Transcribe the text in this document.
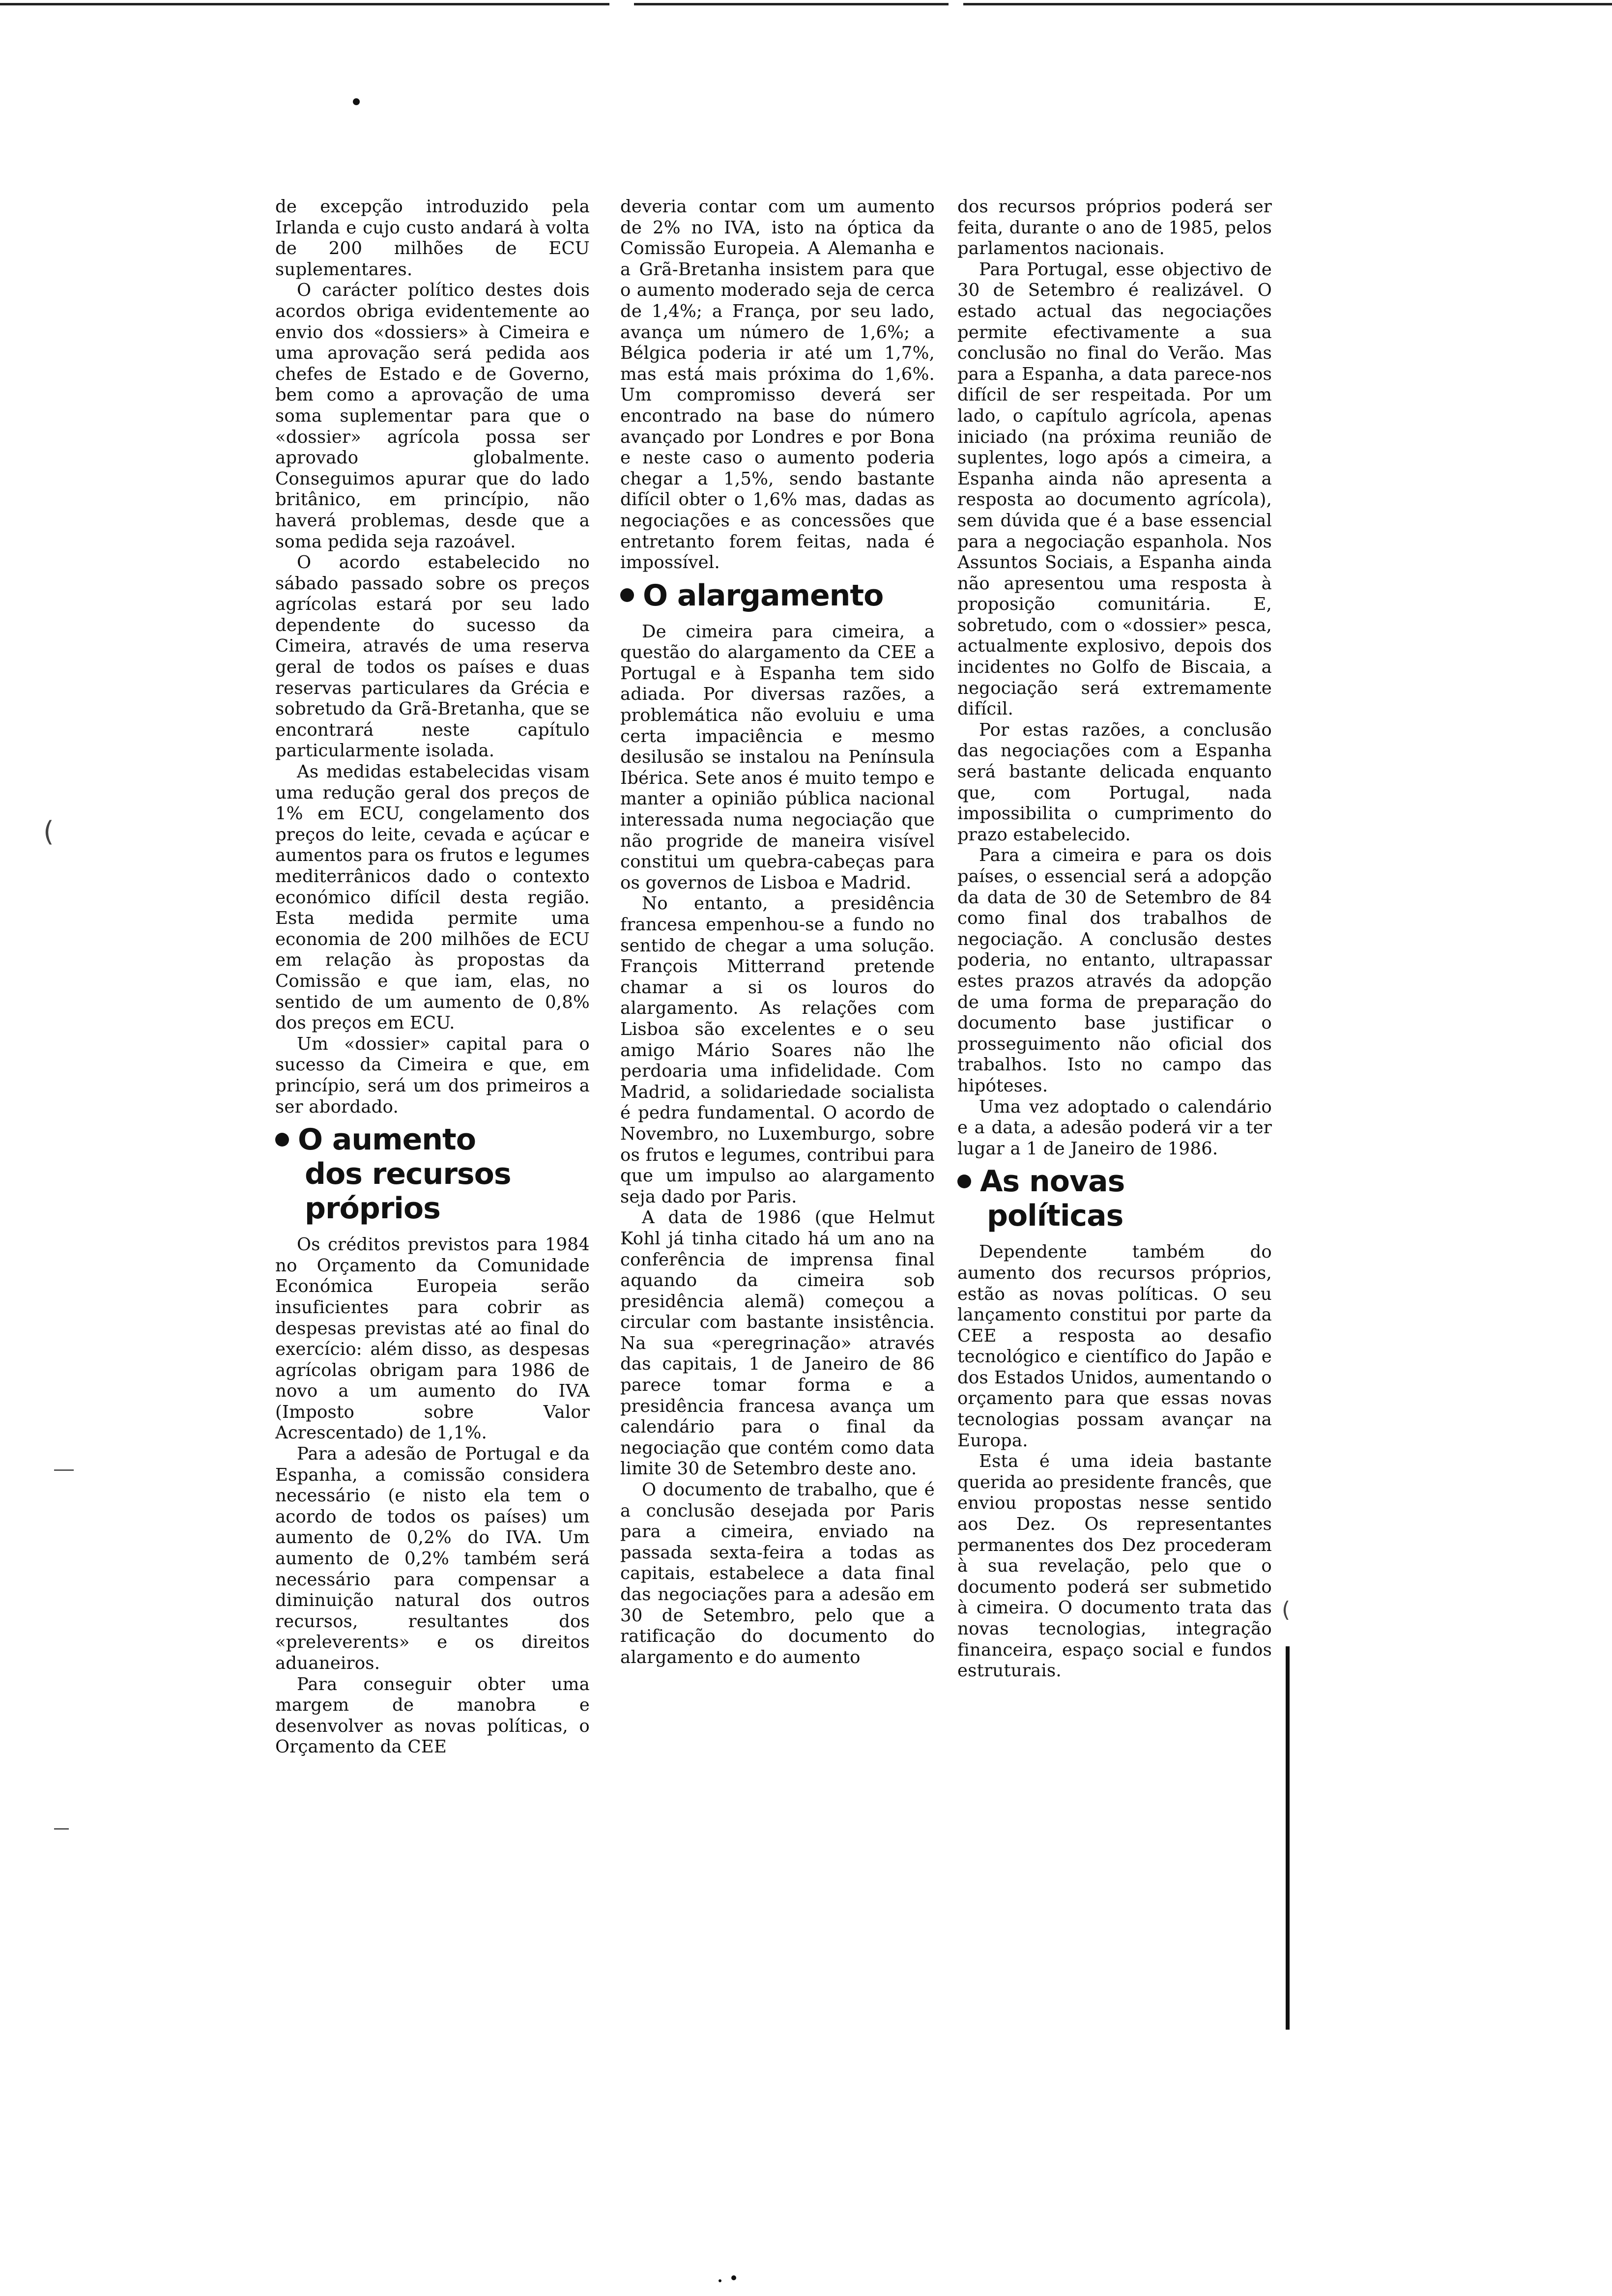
(
(

de excepção introduzido pela Irlanda e cujo custo andará à volta de 200 milhões de ECU suplementares.

O carácter político destes dois acordos obriga evidentemente ao envio dos «dossiers» à Cimeira e uma aprovação será pedida aos chefes de Estado e de Governo, bem como a aprovação de uma soma suplementar para que o «dossier» agrícola possa ser aprovado globalmente. Conseguimos apurar que do lado britânico, em princípio, não haverá problemas, desde que a soma pedida seja razoável.

O acordo estabelecido no sábado passado sobre os preços agrícolas estará por seu lado dependente do sucesso da Cimeira, através de uma reserva geral de todos os países e duas reservas particulares da Grécia e sobretudo da Grã-Bretanha, que se encontrará neste capítulo particularmente isolada.

As medidas estabelecidas visam uma redução geral dos preços de 1% em ECU, congelamento dos preços do leite, cevada e açúcar e aumentos para os frutos e legumes mediterrânicos dado o contexto económico difícil desta região. Esta medida permite uma economia de 200 milhões de ECU em relação às propostas da Comissão e que iam, elas, no sentido de um aumento de 0,8% dos preços em ECU.

Um «dossier» capital para o sucesso da Cimeira e que, em princípio, será um dos primeiros a ser abordado.

O aumento
dos recursos
próprios

Os créditos previstos para 1984 no Orçamento da Comunidade Económica Europeia serão insuficientes para cobrir as despesas previstas até ao final do exercício: além disso, as despesas agrícolas obrigam para 1986 de novo a um aumento do IVA (Imposto sobre Valor Acrescentado) de 1,1%.

Para a adesão de Portugal e da Espanha, a comissão considera necessário (e nisto ela tem o acordo de todos os países) um aumento de 0,2% do IVA. Um aumento de 0,2% também será necessário para compensar a diminuição natural dos outros recursos, resultantes dos «preleverents» e os direitos aduaneiros.

Para conseguir obter uma margem de manobra e desenvolver as novas políticas, o Orçamento da CEE

deveria contar com um aumento de 2% no IVA, isto na óptica da Comissão Europeia. A Alemanha e a Grã-Bretanha insistem para que o aumento moderado seja de cerca de 1,4%; a França, por seu lado, avança um número de 1,6%; a Bélgica poderia ir até um 1,7%, mas está mais próxima do 1,6%. Um compromisso deverá ser encontrado na base do número avançado por Londres e por Bona e neste caso o aumento poderia chegar a 1,5%, sendo bastante difícil obter o 1,6% mas, dadas as negociações e as concessões que entretanto forem feitas, nada é impossível.

O alargamento

De cimeira para cimeira, a questão do alargamento da CEE a Portugal e à Espanha tem sido adiada. Por diversas razões, a problemática não evoluiu e uma certa impaciência e mesmo desilusão se instalou na Península Ibérica. Sete anos é muito tempo e manter a opinião pública nacional interessada numa negociação que não progride de maneira visível constitui um quebra-cabeças para os governos de Lisboa e Madrid.

No entanto, a presidência francesa empenhou-se a fundo no sentido de chegar a uma solução. François Mitterrand pretende chamar a si os louros do alargamento. As relações com Lisboa são excelentes e o seu amigo Mário Soares não lhe perdoaria uma infidelidade. Com Madrid, a solidariedade socialista é pedra fundamental. O acordo de Novembro, no Luxemburgo, sobre os frutos e legumes, contribui para que um impulso ao alargamento seja dado por Paris.

A data de 1986 (que Helmut Kohl já tinha citado há um ano na conferência de imprensa final aquando da cimeira sob presidência alemã) começou a circular com bastante insistência. Na sua «peregrinação» através das capitais, 1 de Janeiro de 86 parece tomar forma e a presidência francesa avança um calendário para o final da negociação que contém como data limite 30 de Setembro deste ano.

O documento de trabalho, que é a conclusão desejada por Paris para a cimeira, enviado na passada sexta-feira a todas as capitais, estabelece a data final das negociações para a adesão em 30 de Setembro, pelo que a ratificação do documento do alargamento e do aumento

dos recursos próprios poderá ser feita, durante o ano de 1985, pelos parlamentos nacionais.

Para Portugal, esse objectivo de 30 de Setembro é realizável. O estado actual das negociações permite efectivamente a sua conclusão no final do Verão. Mas para a Espanha, a data parece-nos difícil de ser respeitada. Por um lado, o capítulo agrícola, apenas iniciado (na próxima reunião de suplentes, logo após a cimeira, a Espanha ainda não apresenta a resposta ao documento agrícola), sem dúvida que é a base essencial para a negociação espanhola. Nos Assuntos Sociais, a Espanha ainda não apresentou uma resposta à proposição comunitária. E, sobretudo, com o «dossier» pesca, actualmente explosivo, depois dos incidentes no Golfo de Biscaia, a negociação será extremamente difícil.

Por estas razões, a conclusão das negociações com a Espanha será bastante delicada enquanto que, com Portugal, nada impossibilita o cumprimento do prazo estabelecido.

Para a cimeira e para os dois países, o essencial será a adopção da data de 30 de Setembro de 84 como final dos trabalhos de negociação. A conclusão destes poderia, no entanto, ultrapassar estes prazos através da adopção de uma forma de preparação do documento base justificar o prosseguimento não oficial dos trabalhos. Isto no campo das hipóteses.

Uma vez adoptado o calendário e a data, a adesão poderá vir a ter lugar a 1 de Janeiro de 1986.

As novas
políticas

Dependente também do aumento dos recursos próprios, estão as novas políticas. O seu lançamento constitui por parte da CEE a resposta ao desafio tecnológico e científico do Japão e dos Estados Unidos, aumentando o orçamento para que essas novas tecnologias possam avançar na Europa.

Esta é uma ideia bastante querida ao presidente francês, que enviou propostas nesse sentido aos Dez. Os representantes permanentes dos Dez procederam à sua revelação, pelo que o documento poderá ser submetido à cimeira. O documento trata das novas tecnologias, integração financeira, espaço social e fundos estruturais.
